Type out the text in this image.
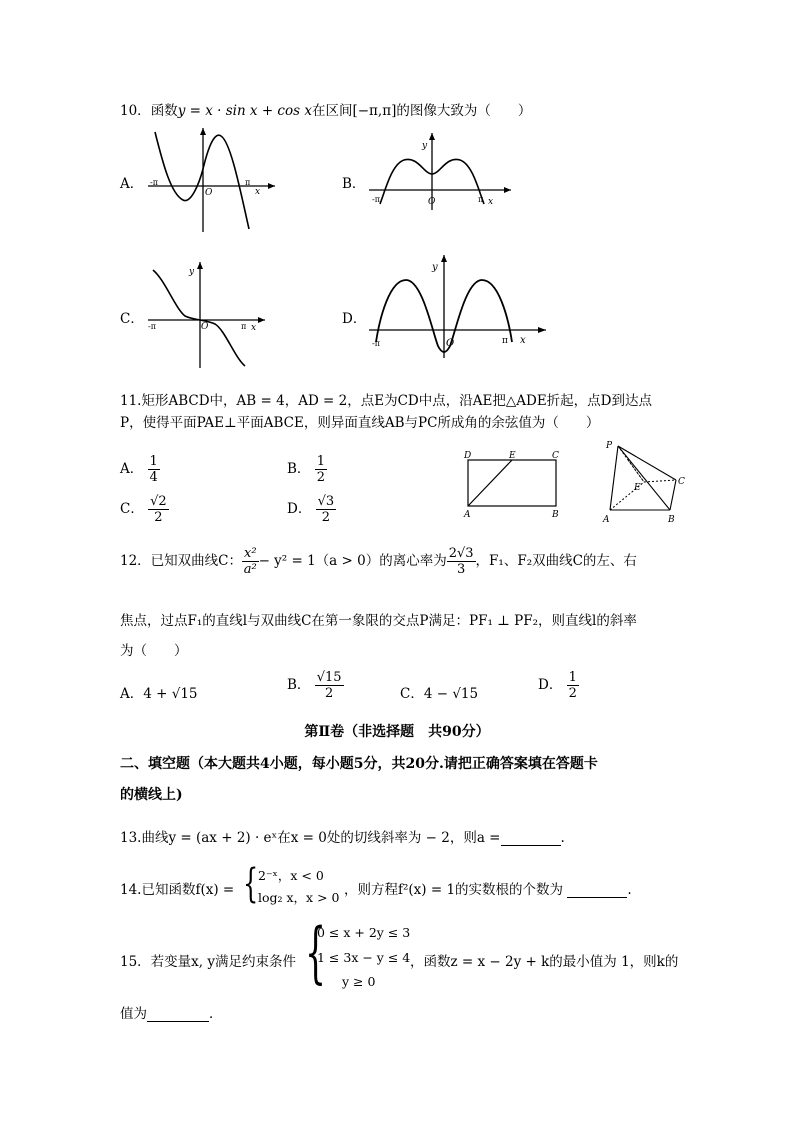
10．函数y = x · sin x + cos x在区间[−π,π]的图像大致为（　　）
A． -π	π
x
O
B．
-π	π x
y
O
C． -π	π x
y
O	D．
-π	π x
y
O
11.矩形ABCD中，AB = 4，AD = 2，点E为CD中点，沿AE把△ADE折起，点D到达点
P，使得平面PAE⊥平面ABCE，则异面直线AB与PC所成角的余弦值为（　　）
A． $\frac{1}{4}$	B． $\frac{1}{2}$
C． $\frac{√2}{2}$	D． $\frac{√3}{2}$
D	E	C
A	B
P
E
C
A	B
12．已知双曲线C： $\frac{\text{x²}}{\text{a²}} - y^2 = 1(a > 0)$的离心率为 $\frac{2√3}{3}$ ，F₁、F₂双曲线C的左、右
焦点，过点F₁的直线l与双曲线C在第一象限的交点P满足：PF₁ ⊥ PF₂，则直线l的斜率
为（　　）
A．4 + √15
B． $\frac{√15}{2}$	C．4 − √15
D． $\frac{1}{2}$
第Ⅱ卷（非选择题　共90分）
二、填空题（本大题共4小题，每小题5分，共20分.请把正确答案填在答题卡
的横线上)
13.曲线y = (ax + 2) · eˣ在x = 0处的切线斜率为 − 2，则a =	.
14.已知函数f(x) = { 2⁻ˣ，x < 0
log₂ x，x > 0 ，则方程f²(x) = 1的实数根的个数为	.
15．若变量x, y满足约束条件 {
0 ≤ x + 2y ≤ 3
1 ≤ 3x − y ≤ 4
y ≥ 0
，函数z = x − 2y + k的最小值为 1，则k的
值为	．
